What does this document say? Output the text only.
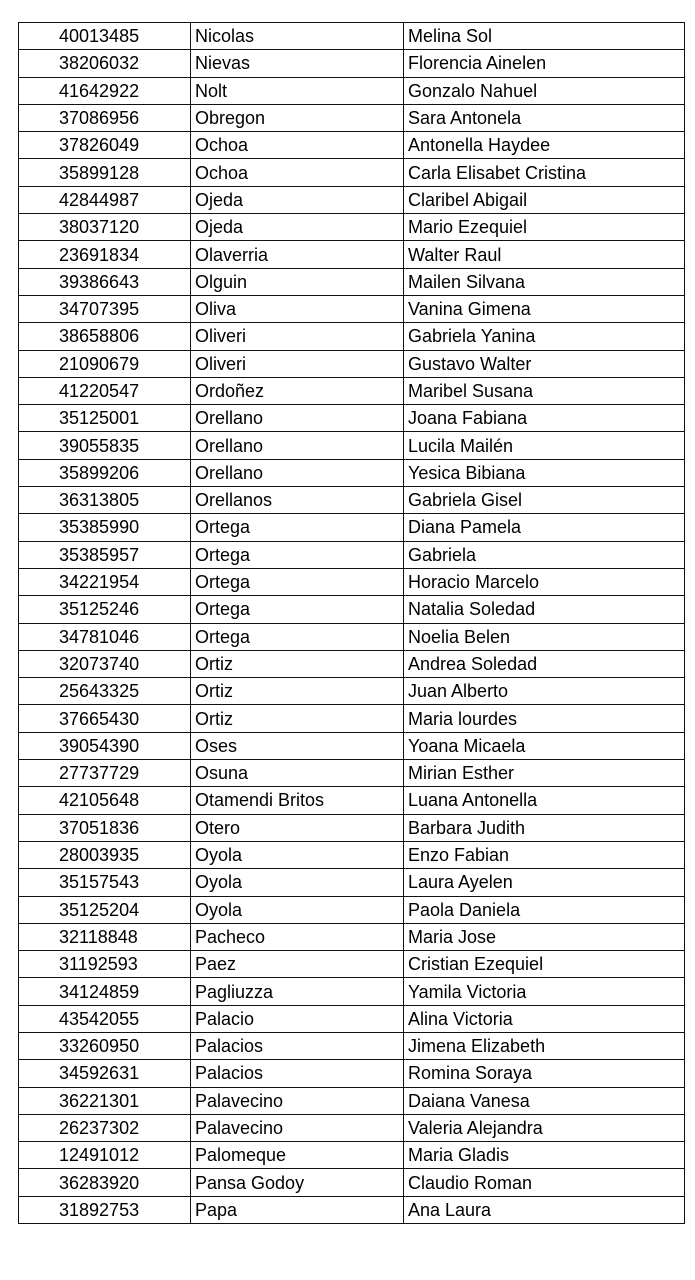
40013485	Nicolas	Melina Sol
38206032	Nievas	Florencia Ainelen
41642922	Nolt	Gonzalo Nahuel
37086956	Obregon	Sara Antonela
37826049	Ochoa	Antonella Haydee
35899128	Ochoa	Carla Elisabet Cristina
42844987	Ojeda	Claribel Abigail
38037120	Ojeda	Mario Ezequiel
23691834	Olaverria	Walter Raul
39386643	Olguin	Mailen Silvana
34707395	Oliva	Vanina Gimena
38658806	Oliveri	Gabriela Yanina
21090679	Oliveri	Gustavo Walter
41220547	Ordoñez	Maribel Susana
35125001	Orellano	Joana Fabiana
39055835	Orellano	Lucila Mailén
35899206	Orellano	Yesica Bibiana
36313805	Orellanos	Gabriela Gisel
35385990	Ortega	Diana Pamela
35385957	Ortega	Gabriela
34221954	Ortega	Horacio Marcelo
35125246	Ortega	Natalia Soledad
34781046	Ortega	Noelia Belen
32073740	Ortiz	Andrea Soledad
25643325	Ortiz	Juan Alberto
37665430	Ortiz	Maria lourdes
39054390	Oses	Yoana Micaela
27737729	Osuna	Mirian Esther
42105648	Otamendi Britos	Luana Antonella
37051836	Otero	Barbara Judith
28003935	Oyola	Enzo Fabian
35157543	Oyola	Laura Ayelen
35125204	Oyola	Paola Daniela
32118848	Pacheco	Maria Jose
31192593	Paez	Cristian Ezequiel
34124859	Pagliuzza	Yamila Victoria
43542055	Palacio	Alina Victoria
33260950	Palacios	Jimena Elizabeth
34592631	Palacios	Romina Soraya
36221301	Palavecino	Daiana Vanesa
26237302	Palavecino	Valeria Alejandra
12491012	Palomeque	Maria Gladis
36283920	Pansa Godoy	Claudio Roman
31892753	Papa	Ana Laura
